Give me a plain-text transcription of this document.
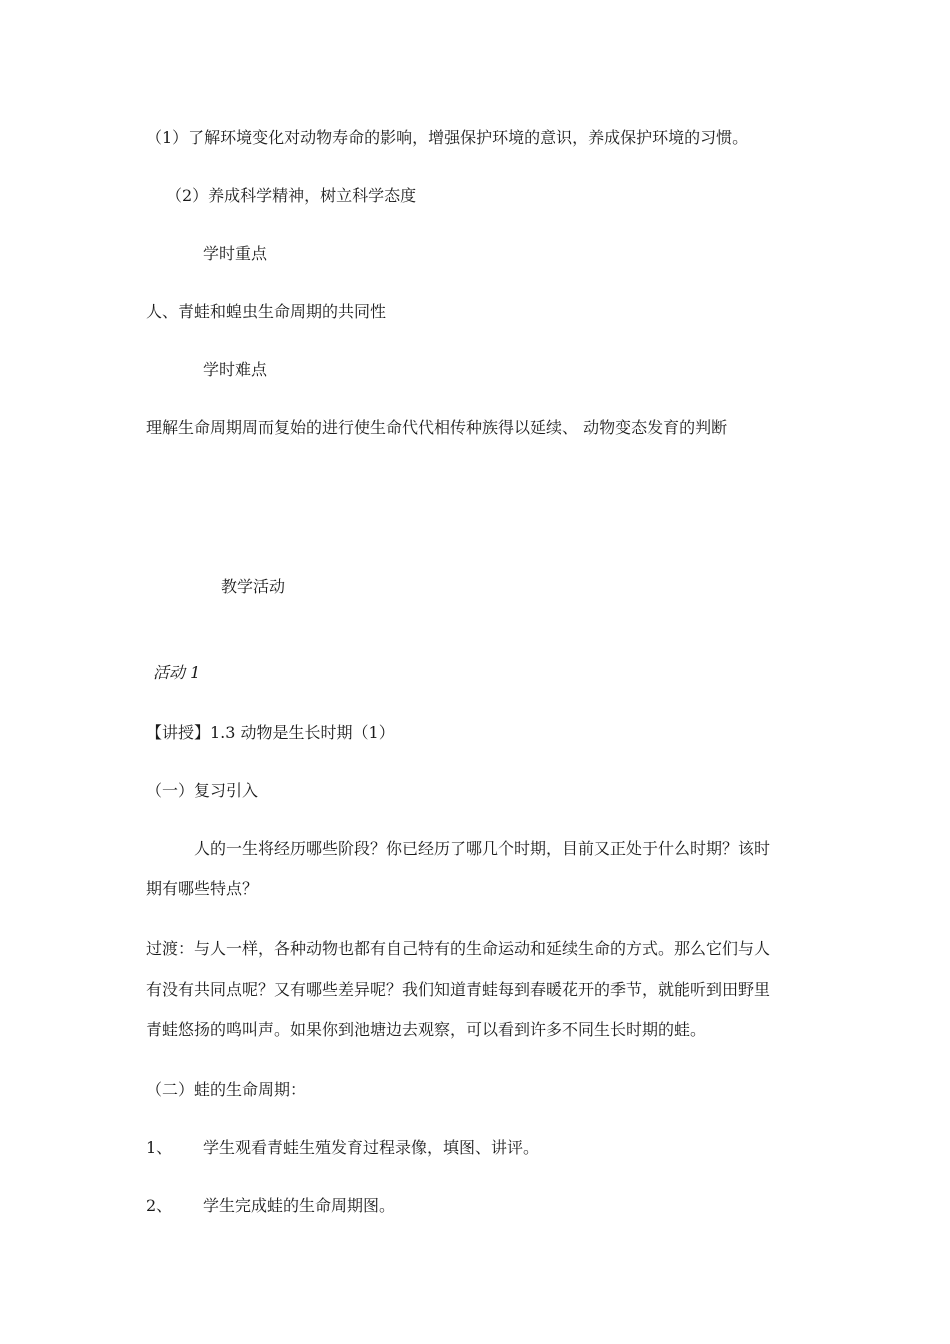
（1）了解环境变化对动物寿命的影响，增强保护环境的意识，养成保护环境的习惯。
（2）养成科学精神，树立科学态度
学时重点
人、青蛙和蝗虫生命周期的共同性
学时难点
理解生命周期周而复始的进行使生命代代相传种族得以延续、 动物变态发育的判断
教学活动
活动 1
【讲授】1.3 动物是生长时期（1）
（一）复习引入
人的一生将经历哪些阶段？你已经历了哪几个时期，目前又正处于什么时期？该时
期有哪些特点？
过渡：与人一样，各种动物也都有自己特有的生命运动和延续生命的方式。那么它们与人
有没有共同点呢？又有哪些差异呢？我们知道青蛙每到春暖花开的季节，就能听到田野里
青蛙悠扬的鸣叫声。如果你到池塘边去观察，可以看到许多不同生长时期的蛙。
（二）蛙的生命周期：
1、 学生观看青蛙生殖发育过程录像，填图、讲评。
2、 学生完成蛙的生命周期图。
